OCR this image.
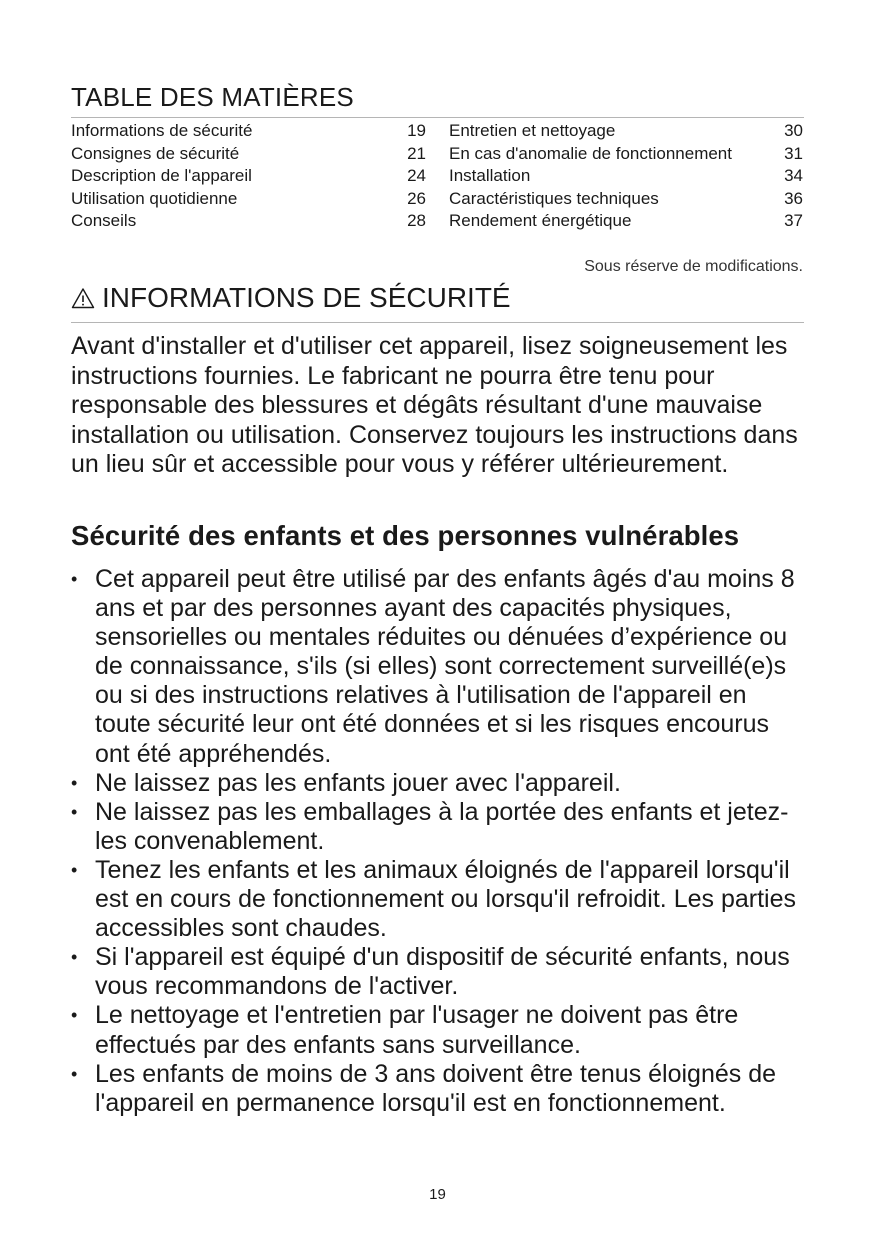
TABLE DES MATIÈRES
Informations de sécurité	19
Consignes de sécurité	21
Description de l'appareil	24
Utilisation quotidienne	26
Conseils	28
Entretien et nettoyage	30
En cas d'anomalie de fonctionnement	31
Installation	34
Caractéristiques techniques	36
Rendement énergétique	37
Sous réserve de modifications.
INFORMATIONS DE SÉCURITÉ

Avant d'installer et d'utiliser cet appareil, lisez soigneusement les instructions fournies. Le fabricant ne pourra être tenu pour responsable des blessures et dégâts résultant d'une mauvaise installation ou utilisation. Conservez toujours les instructions dans un lieu sûr et accessible pour vous y référer ultérieurement.

Sécurité des enfants et des personnes vulnérables
• Cet appareil peut être utilisé par des enfants âgés d'au moins 8 ans et par des personnes ayant des capacités physiques, sensorielles ou mentales réduites ou dénuées d’expérience ou de connaissance, s'ils (si elles) sont correctement surveillé(e)s ou si des instructions relatives à l'utilisation de l'appareil en toute sécurité leur ont été données et si les risques encourus ont été appréhendés.
• Ne laissez pas les enfants jouer avec l'appareil.
• Ne laissez pas les emballages à la portée des enfants et jetez-les convenablement.
• Tenez les enfants et les animaux éloignés de l'appareil lorsqu'il est en cours de fonctionnement ou lorsqu'il refroidit. Les parties accessibles sont chaudes.
• Si l'appareil est équipé d'un dispositif de sécurité enfants, nous vous recommandons de l'activer.
• Le nettoyage et l'entretien par l'usager ne doivent pas être effectués par des enfants sans surveillance.
• Les enfants de moins de 3 ans doivent être tenus éloignés de l'appareil en permanence lorsqu'il est en fonctionnement.
19
